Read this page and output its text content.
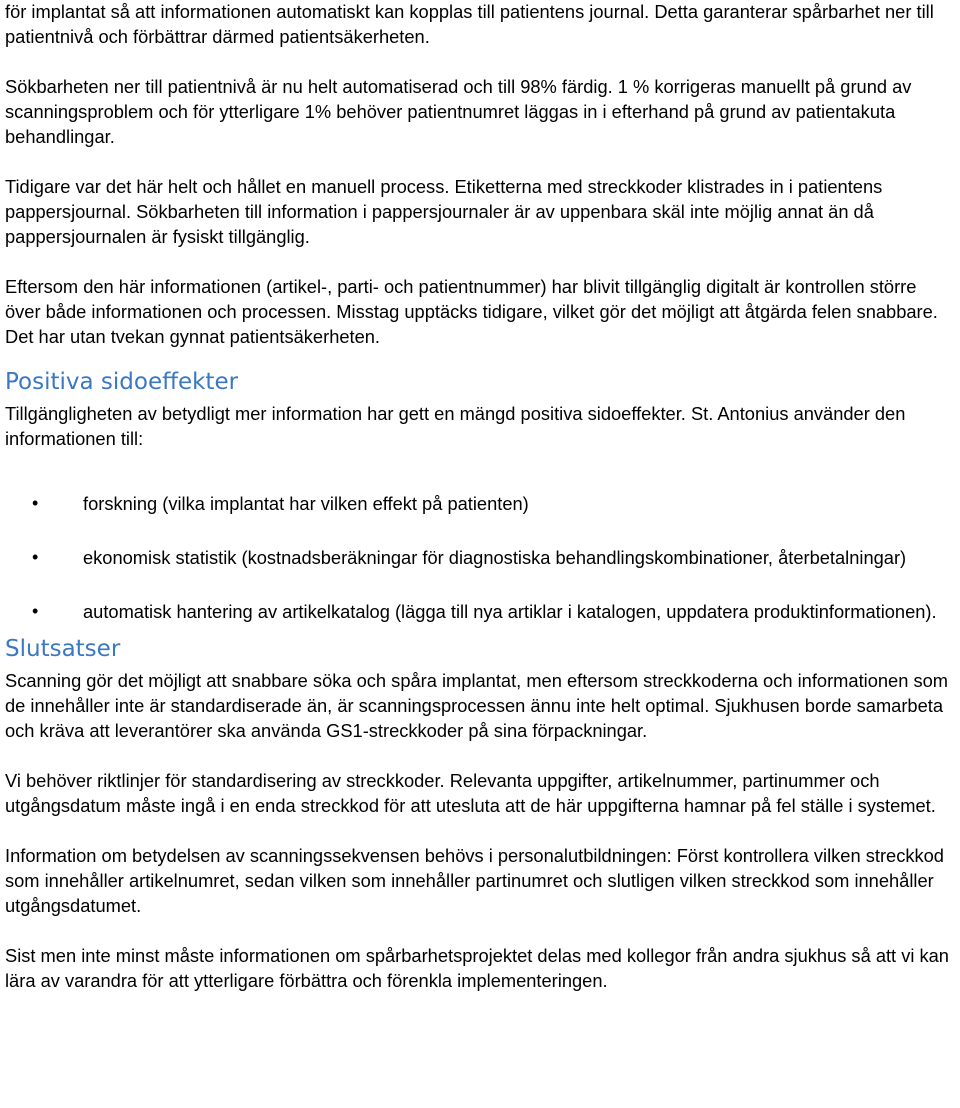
för implantat så att informationen automatiskt kan kopplas till patientens journal. Detta garanterar spårbarhet ner till patientnivå och förbättrar därmed patientsäkerheten.

Sökbarheten ner till patientnivå är nu helt automatiserad och till 98% färdig. 1 % korrigeras manuellt på grund av scanningsproblem och för ytterligare 1% behöver patientnumret läggas in i efterhand på grund av patientakuta behandlingar.

Tidigare var det här helt och hållet en manuell process. Etiketterna med streckkoder klistrades in i patientens pappersjournal. Sökbarheten till information i pappersjournaler är av uppenbara skäl inte möjlig annat än då pappersjournalen är fysiskt tillgänglig.

Eftersom den här informationen (artikel-, parti- och patientnummer) har blivit tillgänglig digitalt är kontrollen större över både informationen och processen. Misstag upptäcks tidigare, vilket gör det möjligt att åtgärda felen snabbare. Det har utan tvekan gynnat patientsäkerheten.

Positiva sidoeffekter

Tillgängligheten av betydligt mer information har gett en mängd positiva sidoeffekter. St. Antonius använder den informationen till:

• forskning (vilka implantat har vilken effekt på patienten)
• ekonomisk statistik (kostnadsberäkningar för diagnostiska behandlingskombinationer, återbetalningar)
• automatisk hantering av artikelkatalog (lägga till nya artiklar i katalogen, uppdatera produktinformationen).
Slutsatser

Scanning gör det möjligt att snabbare söka och spåra implantat, men eftersom streckkoderna och informationen som de innehåller inte är standardiserade än, är scanningsprocessen ännu inte helt optimal. Sjukhusen borde samarbeta och kräva att leverantörer ska använda GS1-streckkoder på sina förpackningar.

Vi behöver riktlinjer för standardisering av streckkoder. Relevanta uppgifter, artikelnummer, partinummer och utgångsdatum måste ingå i en enda streckkod för att utesluta att de här uppgifterna hamnar på fel ställe i systemet.

Information om betydelsen av scanningssekvensen behövs i personalutbildningen: Först kontrollera vilken streckkod som innehåller artikelnumret, sedan vilken som innehåller partinumret och slutligen vilken streckkod som innehåller utgångsdatumet.

Sist men inte minst måste informationen om spårbarhetsprojektet delas med kollegor från andra sjukhus så att vi kan lära av varandra för att ytterligare förbättra och förenkla implementeringen.
